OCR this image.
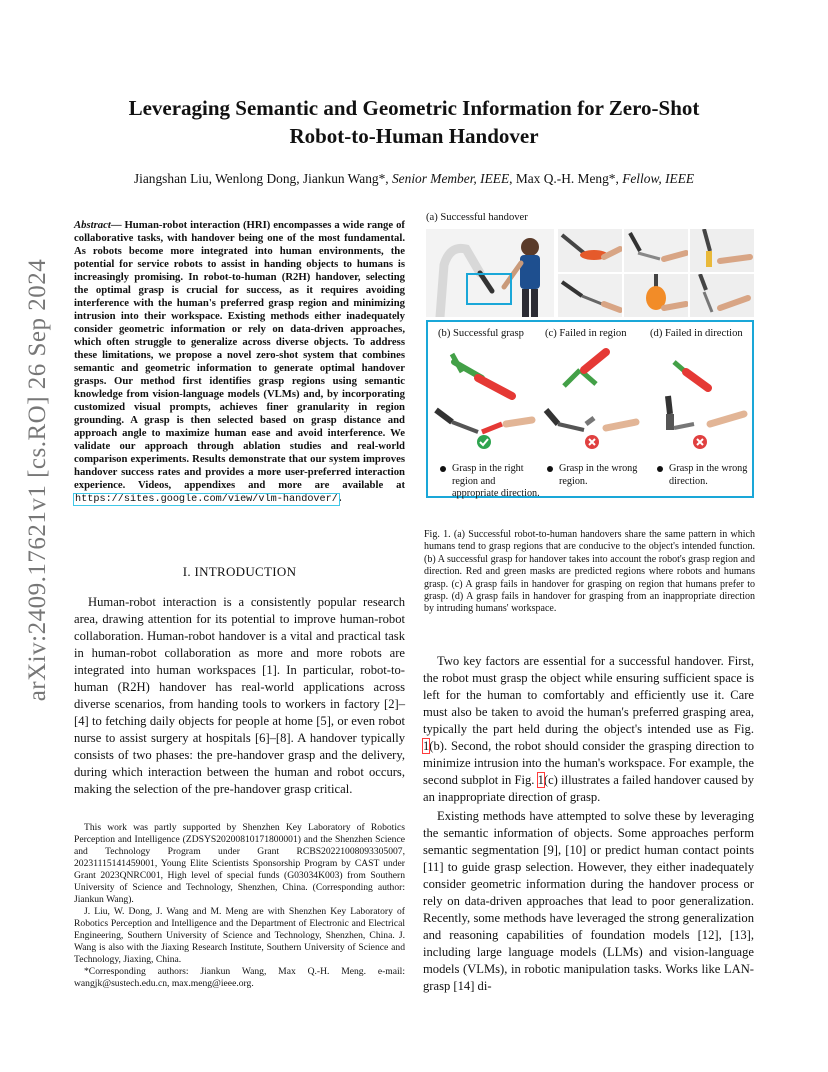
arXiv:2409.17621v1 [cs.RO] 26 Sep 2024
Leveraging Semantic and Geometric Information for Zero-Shot
Robot-to-Human Handover
Jiangshan Liu, Wenlong Dong, Jiankun Wang*, Senior Member, IEEE, Max Q.-H. Meng*, Fellow, IEEE

Abstract— Human-robot interaction (HRI) encompasses a wide range of collaborative tasks, with handover being one of the most fundamental. As robots become more integrated into human environments, the potential for service robots to assist in handing objects to humans is increasingly promising. In robot-to-human (R2H) handover, selecting the optimal grasp is crucial for success, as it requires avoiding interference with the human's preferred grasp region and minimizing intrusion into their workspace. Existing methods either inadequately consider geometric information or rely on data-driven approaches, which often struggle to generalize across diverse objects. To address these limitations, we propose a novel zero-shot system that combines semantic and geometric information to generate optimal handover grasps. Our method first identifies grasp regions using semantic knowledge from vision-language models (VLMs) and, by incorporating customized visual prompts, achieves finer granularity in region grounding. A grasp is then selected based on grasp distance and approach angle to maximize human ease and avoid interference. We validate our approach through ablation studies and real-world comparison experiments. Results demonstrate that our system improves handover success rates and provides a more user-preferred interaction experience. Videos, appendixes and more are available at https://sites.google.com/view/vlm-handover/.

I. INTRODUCTION

Human-robot interaction is a consistently popular research area, drawing attention for its potential to improve human-robot collaboration. Human-robot handover is a vital and practical task in human-robot collaboration as more and more robots are integrated into human workspaces [1]. In particular, robot-to-human (R2H) handover has real-world applications across diverse scenarios, from handing tools to workers in factory [2]–[4] to fetching daily objects for people at home [5], or even robot nurse to assist surgery at hospitals [6]–[8]. A handover typically consists of two phases: the pre-handover grasp and the delivery, during which interaction between the human and robot occurs, making the selection of the pre-handover grasp critical.

This work was partly supported by Shenzhen Key Laboratory of Robotics Perception and Intelligence (ZDSYS20200810171800001) and the Shenzhen Science and Technology Program under Grant RCBS20221008093305007, 20231115141459001, Young Elite Scientists Sponsorship Program by CAST under Grant 2023QNRC001, High level of special funds (G03034K003) from Southern University of Science and Technology, Shenzhen, China. (Corresponding author: Jiankun Wang).

J. Liu, W. Dong, J. Wang and M. Meng are with Shenzhen Key Laboratory of Robotics Perception and Intelligence and the Department of Electronic and Electrical Engineering, Southern University of Science and Technology, Shenzhen, China. J. Wang is also with the Jiaxing Research Institute, Southern University of Science and Technology, Jiaxing, China.

*Corresponding authors: Jiankun Wang, Max Q.-H. Meng. e-mail: wangjk@sustech.edu.cn, max.meng@ieee.org.

(a) Successful handover
(b) Successful grasp (c) Failed in region (d) Failed in direction
Grasp in the right region and appropriate direction.
Grasp in the wrong region.
Grasp in the wrong direction.

Fig. 1. (a) Successful robot-to-human handovers share the same pattern in which humans tend to grasp regions that are conducive to the object's intended function. (b) A successful grasp for handover takes into account the robot's grasp region and direction. Red and green masks are predicted regions where robots and humans grasp. (c) A grasp fails in handover for grasping on region that humans prefer to grasp. (d) A grasp fails in handover for grasping from an inappropriate direction by intruding humans' workspace.

Two key factors are essential for a successful handover. First, the robot must grasp the object while ensuring sufficient space is left for the human to comfortably and efficiently use it. Care must also be taken to avoid the human's preferred grasping area, typically the part held during the object's intended use as Fig. 1(b). Second, the robot should consider the grasping direction to minimize intrusion into the human's workspace. For example, the second subplot in Fig. 1(c) illustrates a failed handover caused by an inappropriate direction of grasp.

Existing methods have attempted to solve these by leveraging the semantic information of objects. Some approaches perform semantic segmentation [9], [10] or predict human contact points [11] to guide grasp selection. However, they either inadequately consider geometric information during the handover process or rely on data-driven approaches that lead to poor generalization. Recently, some methods have leveraged the strong generalization and reasoning capabilities of foundation models [12], [13], including large language models (LLMs) and vision-language models (VLMs), in robotic manipulation tasks. Works like LAN-grasp [14] di-
